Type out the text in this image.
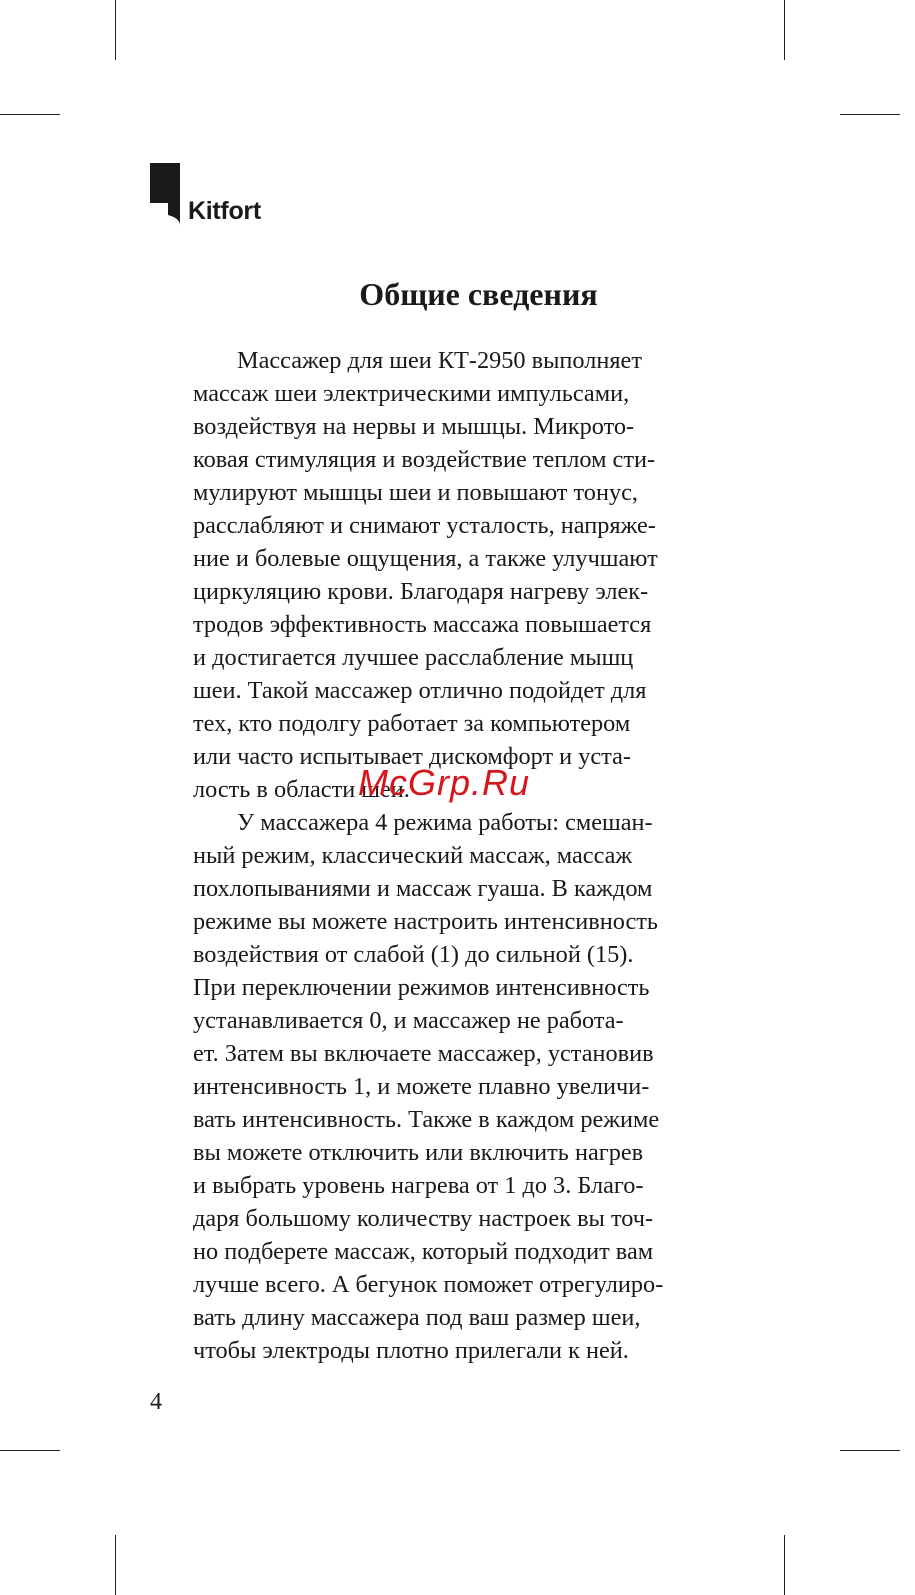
Kitfort
Общие сведения

Массажер для шеи КТ-2950 выполняет
массаж шеи электрическими импульсами,
воздействуя на нервы и мышцы. Микрото-
ковая стимуляция и воздействие теплом сти-
мулируют мышцы шеи и повышают тонус,
расслабляют и снимают усталость, напряже-
ние и болевые ощущения, а также улучшают
циркуляцию крови. Благодаря нагреву элек-
тродов эффективность массажа повышается
и достигается лучшее расслабление мышц
шеи. Такой массажер отлично подойдет для
тех, кто подолгу работает за компьютером
или часто испытывает дискомфорт и уста-
лость в области шеи.

У массажера 4 режима работы: смешан-
ный режим, классический массаж, массаж
похлопываниями и массаж гуаша. В каждом
режиме вы можете настроить интенсивность
воздействия от слабой (1) до сильной (15).
При переключении режимов интенсивность
устанавливается 0, и массажер не работа-
ет. Затем вы включаете массажер, установив
интенсивность 1, и можете плавно увеличи-
вать интенсивность. Также в каждом режиме
вы можете отключить или включить нагрев
и выбрать уровень нагрева от 1 до 3. Благо-
даря большому количеству настроек вы точ-
но подберете массаж, который подходит вам
лучше всего. А бегунок поможет отрегулиро-
вать длину массажера под ваш размер шеи,
чтобы электроды плотно прилегали к ней.

McGrp.Ru
4
